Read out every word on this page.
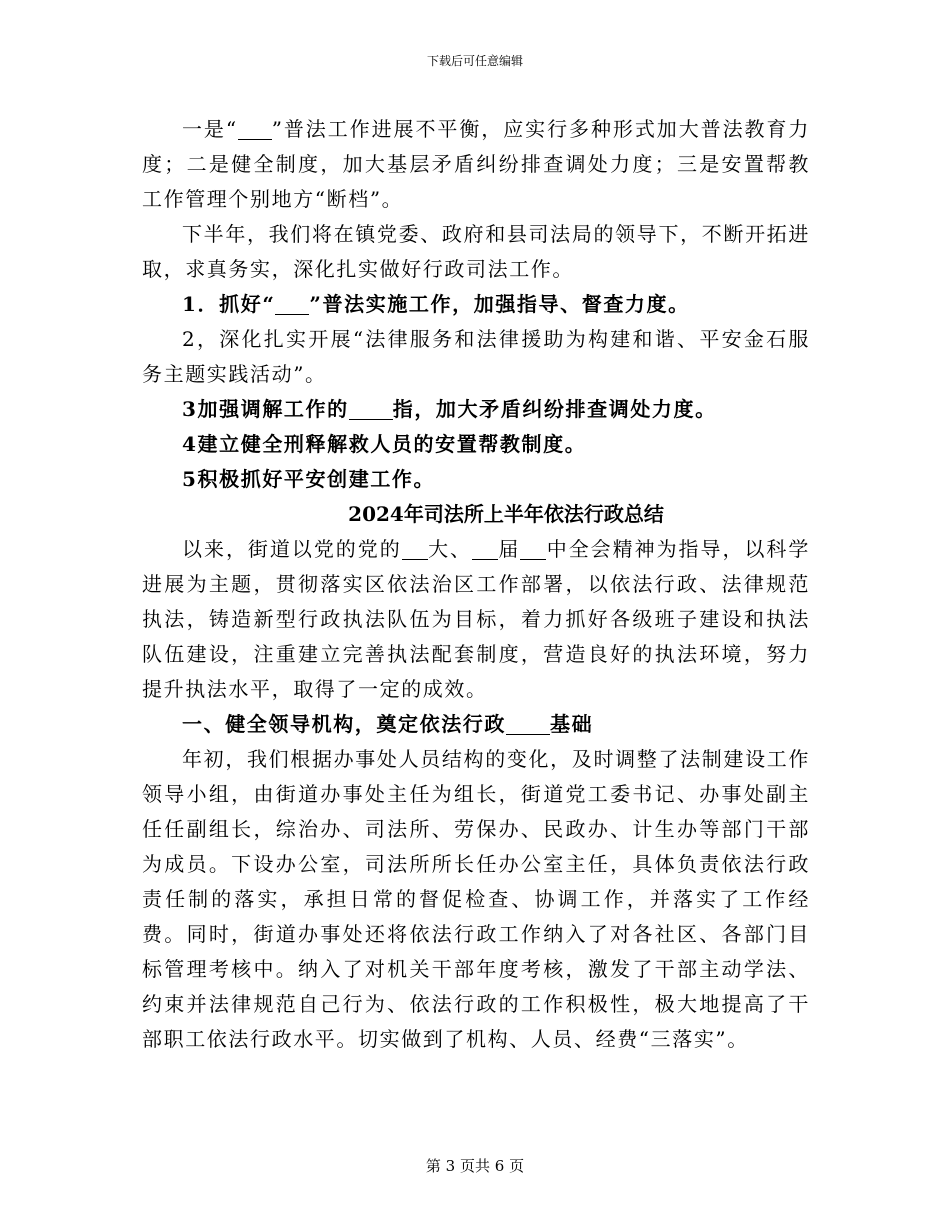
下载后可任意编辑

一是“ ”普法工作进展不平衡，应实行多种形式加大普法教育力度；二是健全制度，加大基层矛盾纠纷排查调处力度；三是安置帮教工作管理个别地方“断档”。

下半年，我们将在镇党委、政府和县司法局的领导下，不断开拓进取，求真务实，深化扎实做好行政司法工作。

1．抓好“ ”普法实施工作，加强指导、督查力度。

2，深化扎实开展“法律服务和法律援助为构建和谐、平安金石服务主题实践活动”。

3加强调解工作的 指，加大矛盾纠纷排查调处力度。

4建立健全刑释解救人员的安置帮教制度。

5积极抓好平安创建工作。

2024年司法所上半年依法行政总结

以来，街道以党的党的 大、 届 中全会精神为指导，以科学进展为主题，贯彻落实区依法治区工作部署，以依法行政、法律规范执法，铸造新型行政执法队伍为目标，着力抓好各级班子建设和执法队伍建设，注重建立完善执法配套制度，营造良好的执法环境，努力提升执法水平，取得了一定的成效。

一、健全领导机构，奠定依法行政 基础

年初，我们根据办事处人员结构的变化，及时调整了法制建设工作领导小组，由街道办事处主任为组长，街道党工委书记、办事处副主任任副组长，综治办、司法所、劳保办、民政办、计生办等部门干部为成员。下设办公室，司法所所长任办公室主任，具体负责依法行政责任制的落实，承担日常的督促检查、协调工作，并落实了工作经费。同时，街道办事处还将依法行政工作纳入了对各社区、各部门目标管理考核中。纳入了对机关干部年度考核，激发了干部主动学法、约束并法律规范自己行为、依法行政的工作积极性，极大地提高了干部职工依法行政水平。切实做到了机构、人员、经费“三落实”。

第 3 页共 6 页
